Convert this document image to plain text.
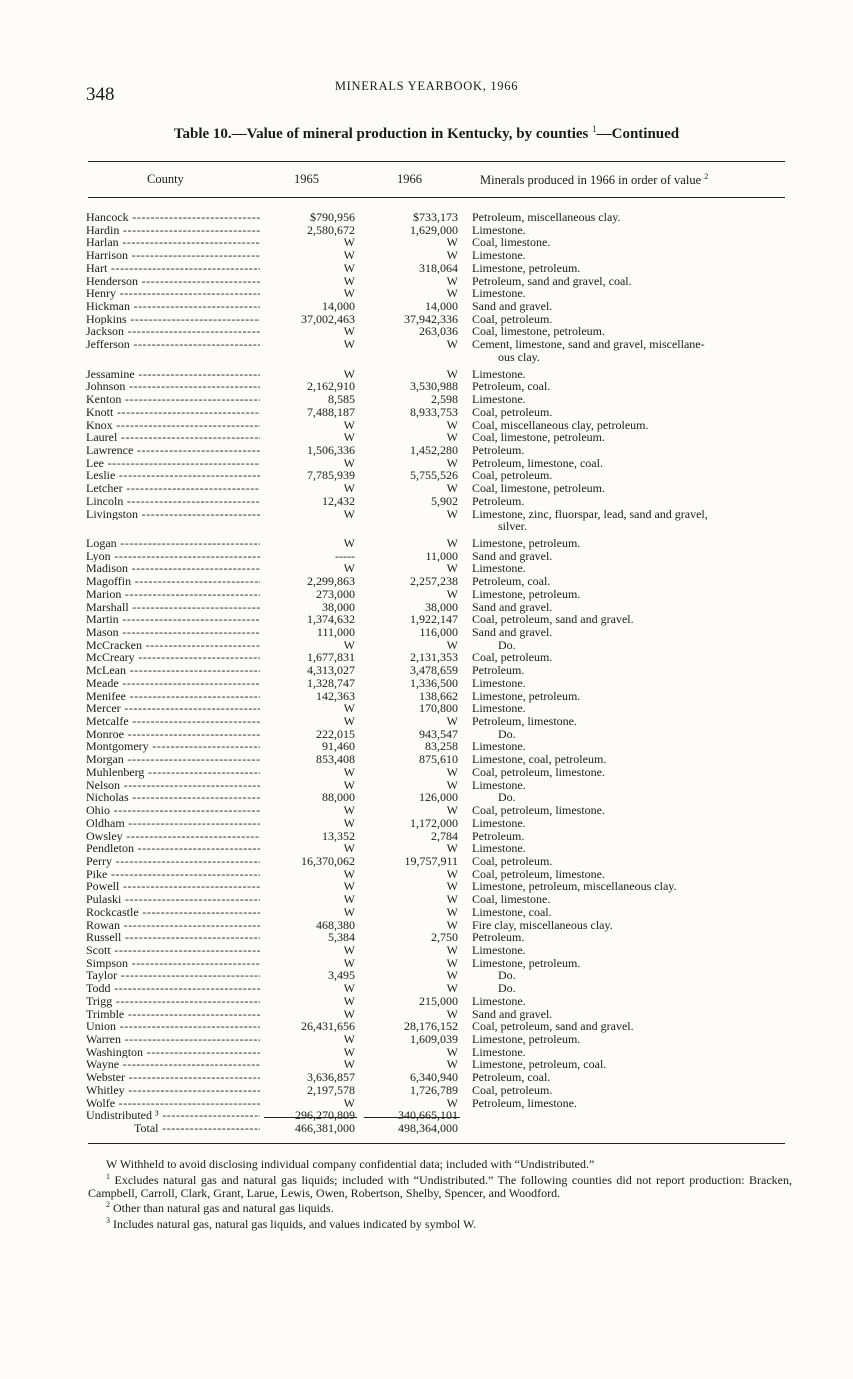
348	MINERALS YEARBOOK, 1966
Table 10.—Value of mineral production in Kentucky, by counties $^1$—Continued
County	1965	1966	Minerals produced in 1966 in order of value $^2$
Hancock -----	$790,956	$733,173 Petroleum, miscellaneous clay.
Hardin -----	2,580,672	1,629,000 Limestone.
Harlan -----	W	W Coal, limestone.
Harrison -----	W	W Limestone.
Hart -----	W	318,064 Limestone, petroleum.
Henderson -----	W	W Petroleum, sand and gravel, coal.
Henry -----	W	W Limestone.
Hickman -----	14,000	14,000 Sand and gravel.
Hopkins -----	37,002,463	37,942,336 Coal, petroleum.
Jackson -----	W	263,036 Coal, limestone, petroleum.
Jefferson -----	W	W Cement, limestone, sand and gravel, miscellane-
ous clay.
Jessamine -----	W	W Limestone.
Johnson -----	2,162,910	3,530,988 Petroleum, coal.
Kenton -----	8,585	2,598 Limestone.
Knott -----	7,488,187	8,933,753 Coal, petroleum.
Knox -----	W	W Coal, miscellaneous clay, petroleum.
Laurel -----	W	W Coal, limestone, petroleum.
Lawrence -----	1,506,336	1,452,280 Petroleum.
Lee -----	W	W Petroleum, limestone, coal.
Leslie -----	7,785,939	5,755,526 Coal, petroleum.
Letcher -----	W	W Coal, limestone, petroleum.
Lincoln -----	12,432	5,902 Petroleum.
Livingston -----	W	W Limestone, zinc, fluorspar, lead, sand and gravel,
silver.
Logan -----	W	W Limestone, petroleum.
Lyon -----	-----	11,000 Sand and gravel.
Madison -----	W	W Limestone.
Magoffin -----	2,299,863	2,257,238 Petroleum, coal.
Marion -----	273,000	W Limestone, petroleum.
Marshall -----	38,000	38,000 Sand and gravel.
Martin -----	1,374,632	1,922,147 Coal, petroleum, sand and gravel.
Mason -----	111,000	116,000 Sand and gravel.
McCracken -----	W	W	Do.
McCreary -----	1,677,831	2,131,353 Coal, petroleum.
McLean -----	4,313,027	3,478,659 Petroleum.
Meade -----	1,328,747	1,336,500 Limestone.
Menifee -----	142,363	138,662 Limestone, petroleum.
Mercer -----	W	170,800 Limestone.
Metcalfe -----	W	W Petroleum, limestone.
Monroe -----	222,015	943,547	Do.
Montgomery -----	91,460	83,258 Limestone.
Morgan -----	853,408	875,610 Limestone, coal, petroleum.
Muhlenberg -----	W	W Coal, petroleum, limestone.
Nelson -----	W	W Limestone.
Nicholas -----	88,000	126,000	Do.
Ohio -----	W	W Coal, petroleum, limestone.
Oldham -----	W	1,172,000 Limestone.
Owsley -----	13,352	2,784 Petroleum.
Pendleton -----	W	W Limestone.
Perry -----	16,370,062	19,757,911 Coal, petroleum.
Pike -----	W	W Coal, petroleum, limestone.
Powell -----	W	W Limestone, petroleum, miscellaneous clay.
Pulaski -----	W	W Coal, limestone.
Rockcastle -----	W	W Limestone, coal.
Rowan -----	468,380	W Fire clay, miscellaneous clay.
Russell -----	5,384	2,750 Petroleum.
Scott -----	W	W Limestone.
Simpson -----	W	W Limestone, petroleum.
Taylor -----	3,495	W	Do.
Todd -----	W	W	Do.
Trigg -----	W	215,000 Limestone.
Trimble -----	W	W Sand and gravel.
Union -----	26,431,656	28,176,152 Coal, petroleum, sand and gravel.
Warren -----	W	1,609,039 Limestone, petroleum.
Washington -----	W	W Limestone.
Wayne -----	W	W Limestone, petroleum, coal.
Webster -----	3,636,857	6,340,940 Petroleum, coal.
Whitley -----	2,197,578	1,726,789 Coal, petroleum.
Wolfe -----	W	W Petroleum, limestone.
Undistributed ³ -----	296,270,809	340,665,101
Total -----	466,381,000	498,364,000

W Withheld to avoid disclosing individual company confidential data; included with “Undistributed.”

$^1$ Excludes natural gas and natural gas liquids; included with “Undistributed.” The following counties did not report production: Bracken, Campbell, Carroll, Clark, Grant, Larue, Lewis, Owen, Robertson, Shelby, Spencer, and Woodford.

$^2$ Other than natural gas and natural gas liquids.

$^3$ Includes natural gas, natural gas liquids, and values indicated by symbol W.
